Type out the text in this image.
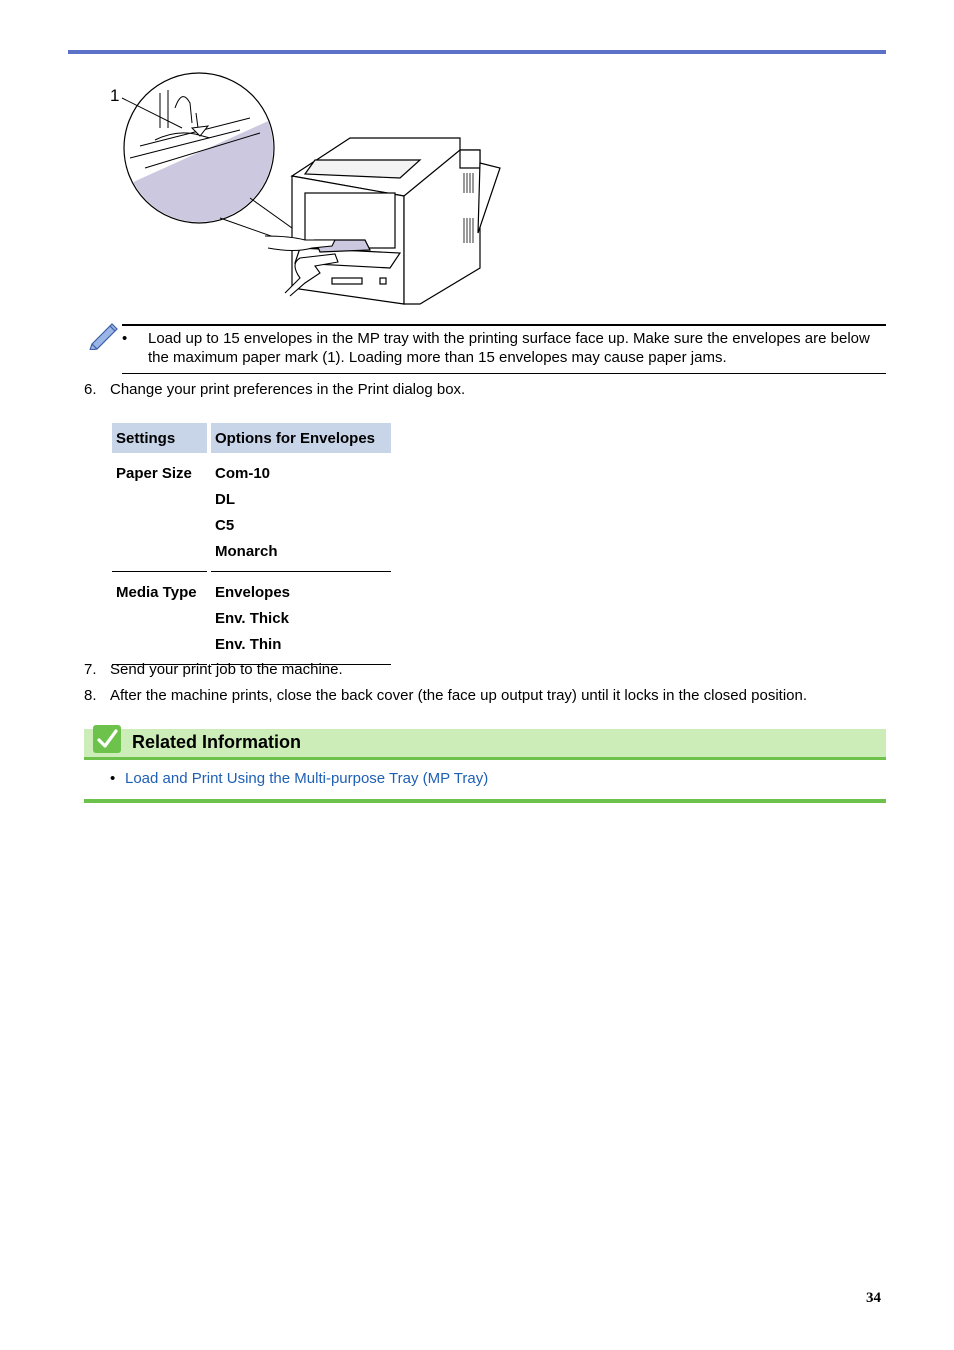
1
• Load up to 15 envelopes in the MP tray with the printing surface face up. Make sure the envelopes are below the maximum paper mark (1). Loading more than 15 envelopes may cause paper jams.
6. Change your print preferences in the Print dialog box.
Settings	Options for Envelopes

Paper Size	Com-10
DL
C5
Monarch

Media Type	Envelopes
Env. Thick
Env. Thin
7. Send your print job to the machine.
8. After the machine prints, close the back cover (the face up output tray) until it locks in the closed position.
Related Information
• Load and Print Using the Multi-purpose Tray (MP Tray)
34
